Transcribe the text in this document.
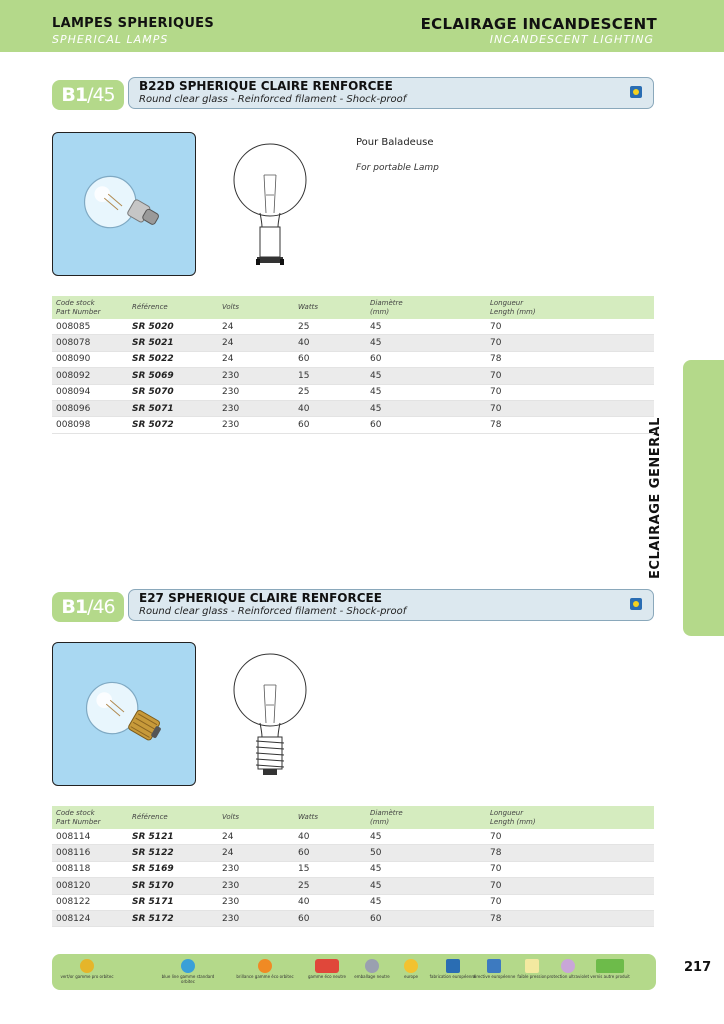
LAMPES SPHERIQUES
SPHERICAL LAMPS
ECLAIRAGE INCANDESCENT
INCANDESCENT LIGHTING
ECLAIRAGE GENERAL GENERAL LIGHTING
B1/45	B22D SPHERIQUE CLAIRE RENFORCEE
Round clear glass - Reinforced filament - Shock-proof
Pour Baladeuse
For portable Lamp
Code stock
Part Number	Référence	Volts	Watts	Diamètre
(mm)	Longueur
Length (mm)
008085	SR 5020	24	25	45	70
008078	SR 5021	24	40	45	70
008090	SR 5022	24	60	60	78
008092	SR 5069	230	15	45	70
008094	SR 5070	230	25	45	70
008096	SR 5071	230	40	45	70
008098	SR 5072	230	60	60	78
B1/46	E27 SPHERIQUE CLAIRE RENFORCEE
Round clear glass - Reinforced filament - Shock-proof
Code stock
Part Number	Référence	Volts	Watts	Diamètre
(mm)	Longueur
Length (mm)
008114	SR 5121	24	40	45	70
008116	SR 5122	24	60	50	78
008118	SR 5169	230	15	45	70
008120	SR 5170	230	25	45	70
008122	SR 5171	230	40	45	70
008124	SR 5172	230	60	60	78
vert/or gamme pro orbitec	blue line gamme standard orbitec
brillance gamme éco orbitec	gamme éco neutre	emballage neutre	europe	fabrication européenne
directive européenne faible pression protection ultraviolet vernis autre produit
217
